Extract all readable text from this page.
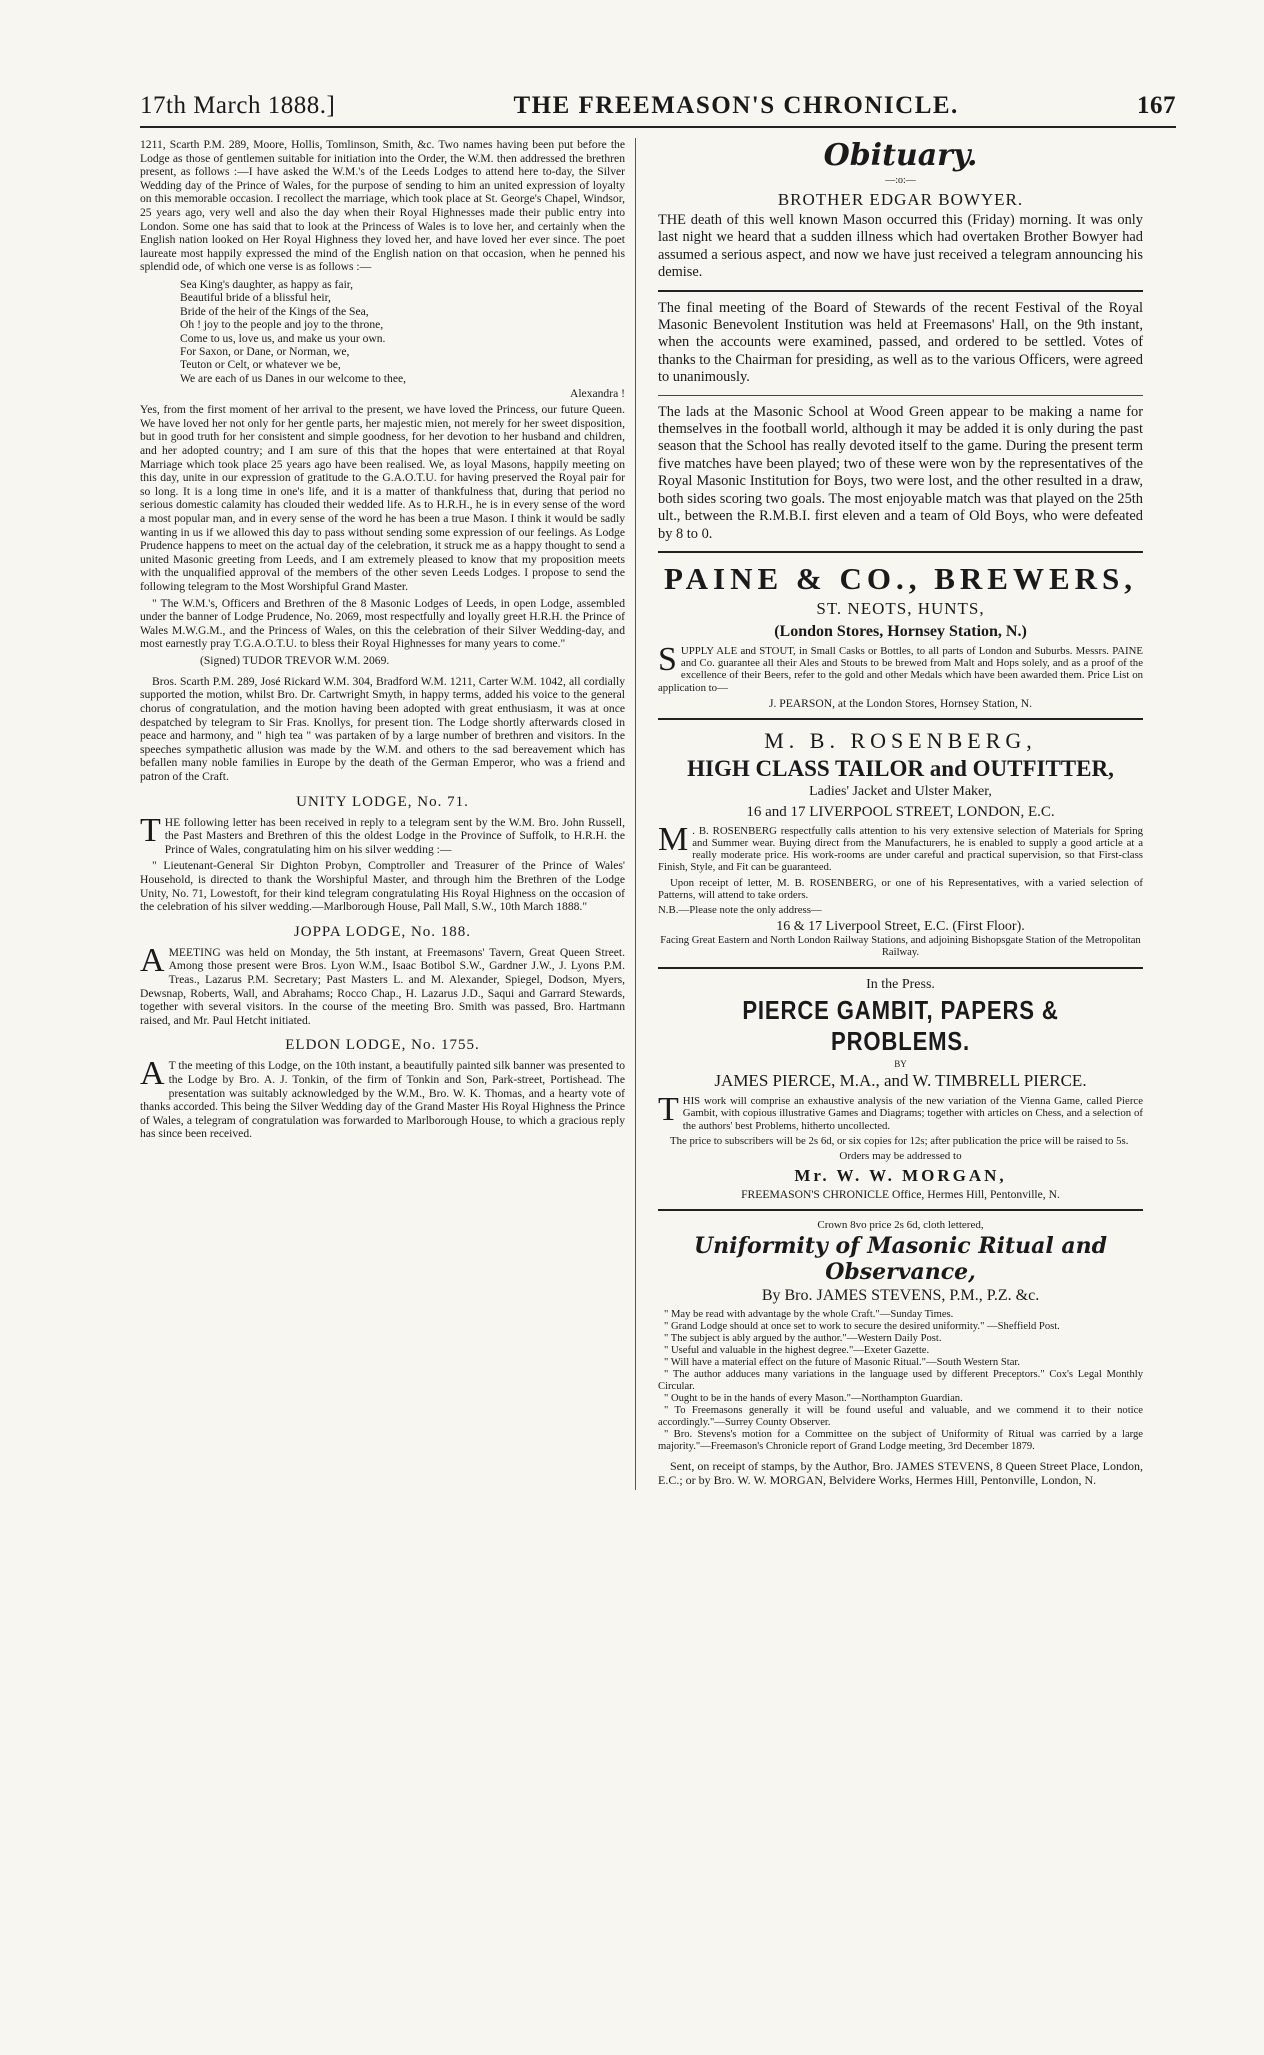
17th March 1888.]	THE FREEMASON'S CHRONICLE.	167

1211, Scarth P.M. 289, Moore, Hollis, Tomlinson, Smith, &c. Two names having been put before the Lodge as those of gentlemen suitable for initiation into the Order, the W.M. then addressed the brethren present, as follows :—I have asked the W.M.'s of the Leeds Lodges to attend here to-day, the Silver Wedding day of the Prince of Wales, for the purpose of sending to him an united expression of loyalty on this memorable occasion. I recollect the marriage, which took place at St. George's Chapel, Windsor, 25 years ago, very well and also the day when their Royal Highnesses made their public entry into London. Some one has said that to look at the Princess of Wales is to love her, and certainly when the English nation looked on Her Royal Highness they loved her, and have loved her ever since. The poet laureate most happily expressed the mind of the English nation on that occasion, when he penned his splendid ode, of which one verse is as follows :—

Sea King's daughter, as happy as fair,
Beautiful bride of a blissful heir,
Bride of the heir of the Kings of the Sea,
Oh ! joy to the people and joy to the throne,
Come to us, love us, and make us your own.
For Saxon, or Dane, or Norman, we,
Teuton or Celt, or whatever we be,
We are each of us Danes in our welcome to thee,
Alexandra !

Yes, from the first moment of her arrival to the present, we have loved the Princess, our future Queen. We have loved her not only for her gentle parts, her majestic mien, not merely for her sweet disposition, but in good truth for her consistent and simple goodness, for her devotion to her husband and children, and her adopted country; and I am sure of this that the hopes that were entertained at that Royal Marriage which took place 25 years ago have been realised. We, as loyal Masons, happily meeting on this day, unite in our expression of gratitude to the G.A.O.T.U. for having preserved the Royal pair for so long. It is a long time in one's life, and it is a matter of thankfulness that, during that period no serious domestic calamity has clouded their wedded life. As to H.R.H., he is in every sense of the word a most popular man, and in every sense of the word he has been a true Mason. I think it would be sadly wanting in us if we allowed this day to pass without sending some expression of our feelings. As Lodge Prudence happens to meet on the actual day of the celebration, it struck me as a happy thought to send a united Masonic greeting from Leeds, and I am extremely pleased to know that my proposition meets with the unqualified approval of the members of the other seven Leeds Lodges. I propose to send the following telegram to the Most Worshipful Grand Master.

" The W.M.'s, Officers and Brethren of the 8 Masonic Lodges of Leeds, in open Lodge, assembled under the banner of Lodge Prudence, No. 2069, most respectfully and loyally greet H.R.H. the Prince of Wales M.W.G.M., and the Princess of Wales, on this the celebration of their Silver Wedding-day, and most earnestly pray T.G.A.O.T.U. to bless their Royal Highnesses for many years to come."

(Signed) TUDOR TREVOR W.M. 2069.

Bros. Scarth P.M. 289, José Rickard W.M. 304, Bradford W.M. 1211, Carter W.M. 1042, all cordially supported the motion, whilst Bro. Dr. Cartwright Smyth, in happy terms, added his voice to the general chorus of congratulation, and the motion having been adopted with great enthusiasm, it was at once despatched by telegram to Sir Fras. Knollys, for present tion. The Lodge shortly afterwards closed in peace and harmony, and " high tea " was partaken of by a large number of brethren and visitors. In the speeches sympathetic allusion was made by the W.M. and others to the sad bereavement which has befallen many noble families in Europe by the death of the German Emperor, who was a friend and patron of the Craft.

UNITY LODGE, No. 71.

THE following letter has been received in reply to a telegram sent by the W.M. Bro. John Russell, the Past Masters and Brethren of this the oldest Lodge in the Province of Suffolk, to H.R.H. the Prince of Wales, congratulating him on his silver wedding :—

" Lieutenant-General Sir Dighton Probyn, Comptroller and Treasurer of the Prince of Wales' Household, is directed to thank the Worshipful Master, and through him the Brethren of the Lodge Unity, No. 71, Lowestoft, for their kind telegram congratulating His Royal Highness on the occasion of the celebration of his silver wedding.—Marlborough House, Pall Mall, S.W., 10th March 1888."

JOPPA LODGE, No. 188.

AMEETING was held on Monday, the 5th instant, at Freemasons' Tavern, Great Queen Street. Among those present were Bros. Lyon W.M., Isaac Botibol S.W., Gardner J.W., J. Lyons P.M. Treas., Lazarus P.M. Secretary; Past Masters L. and M. Alexander, Spiegel, Dodson, Myers, Dewsnap, Roberts, Wall, and Abrahams; Rocco Chap., H. Lazarus J.D., Saqui and Garrard Stewards, together with several visitors. In the course of the meeting Bro. Smith was passed, Bro. Hartmann raised, and Mr. Paul Hetcht initiated.

ELDON LODGE, No. 1755.

A T the meeting of this Lodge, on the 10th instant, a beautifully painted silk banner was presented to the Lodge by Bro. A. J. Tonkin, of the firm of Tonkin and Son, Park-street, Portishead. The presentation was suitably acknowledged by the W.M., Bro. W. K. Thomas, and a hearty vote of thanks accorded. This being the Silver Wedding day of the Grand Master His Royal Highness the Prince of Wales, a telegram of congratulation was forwarded to Marlborough House, to which a gracious reply has since been received.

Obituary.
—:o:—
BROTHER EDGAR BOWYER.

THE death of this well known Mason occurred this (Friday) morning. It was only last night we heard that a sudden illness which had overtaken Brother Bowyer had assumed a serious aspect, and now we have just received a telegram announcing his demise.

The final meeting of the Board of Stewards of the recent Festival of the Royal Masonic Benevolent Institution was held at Freemasons' Hall, on the 9th instant, when the accounts were examined, passed, and ordered to be settled. Votes of thanks to the Chairman for presiding, as well as to the various Officers, were agreed to unanimously.

The lads at the Masonic School at Wood Green appear to be making a name for themselves in the football world, although it may be added it is only during the past season that the School has really devoted itself to the game. During the present term five matches have been played; two of these were won by the representatives of the Royal Masonic Institution for Boys, two were lost, and the other resulted in a draw, both sides scoring two goals. The most enjoyable match was that played on the 25th ult., between the R.M.B.I. first eleven and a team of Old Boys, who were defeated by 8 to 0.

PAINE & CO., BREWERS,
ST. NEOTS, HUNTS,
(London Stores, Hornsey Station, N.)

SUPPLY ALE and STOUT, in Small Casks or Bottles, to all parts of London and Suburbs. Messrs. PAINE and Co. guarantee all their Ales and Stouts to be brewed from Malt and Hops solely, and as a proof of the excellence of their Beers, refer to the gold and other Medals which have been awarded them. Price List on application to—

J. PEARSON, at the London Stores, Hornsey Station, N.
M. B. ROSENBERG,
HIGH CLASS TAILOR and OUTFITTER,
Ladies' Jacket and Ulster Maker,
16 and 17 LIVERPOOL STREET, LONDON, E.C.

M . B. ROSENBERG respectfully calls attention to his very extensive selection of Materials for Spring and Summer wear. Buying direct from the Manufacturers, he is enabled to supply a good article at a really moderate price. His work-rooms are under careful and practical supervision, so that First-class Finish, Style, and Fit can be guaranteed.

Upon receipt of letter, M. B. ROSENBERG, or one of his Representatives, with a varied selection of Patterns, will attend to take orders.

N.B.—Please note the only address—

16 & 17 Liverpool Street, E.C. (First Floor).
Facing Great Eastern and North London Railway Stations, and adjoining Bishopsgate Station of the Metropolitan Railway.
In the Press.
PIERCE GAMBIT, PAPERS & PROBLEMS.
BY
JAMES PIERCE, M.A., and W. TIMBRELL PIERCE.

THIS work will comprise an exhaustive analysis of the new variation of the Vienna Game, called Pierce Gambit, with copious illustrative Games and Diagrams; together with articles on Chess, and a selection of the authors' best Problems, hitherto uncollected.

The price to subscribers will be 2s 6d, or six copies for 12s; after publication the price will be raised to 5s.

Orders may be addressed to
Mr. W. W. MORGAN,
FREEMASON'S CHRONICLE Office, Hermes Hill, Pentonville, N.
Crown 8vo price 2s 6d, cloth lettered,
Uniformity of Masonic Ritual and Observance,
By Bro. JAMES STEVENS, P.M., P.Z. &c.

" May be read with advantage by the whole Craft."—Sunday Times.

" Grand Lodge should at once set to work to secure the desired uniformity." —Sheffield Post.

" The subject is ably argued by the author."—Western Daily Post.

" Useful and valuable in the highest degree."—Exeter Gazette.

" Will have a material effect on the future of Masonic Ritual."—South Western Star.

" The author adduces many variations in the language used by different Preceptors." Cox's Legal Monthly Circular.

" Ought to be in the hands of every Mason."—Northampton Guardian.

" To Freemasons generally it will be found useful and valuable, and we commend it to their notice accordingly."—Surrey County Observer.

" Bro. Stevens's motion for a Committee on the subject of Uniformity of Ritual was carried by a large majority."—Freemason's Chronicle report of Grand Lodge meeting, 3rd December 1879.

Sent, on receipt of stamps, by the Author, Bro. JAMES STEVENS, 8 Queen Street Place, London, E.C.; or by Bro. W. W. MORGAN, Belvidere Works, Hermes Hill, Pentonville, London, N.
